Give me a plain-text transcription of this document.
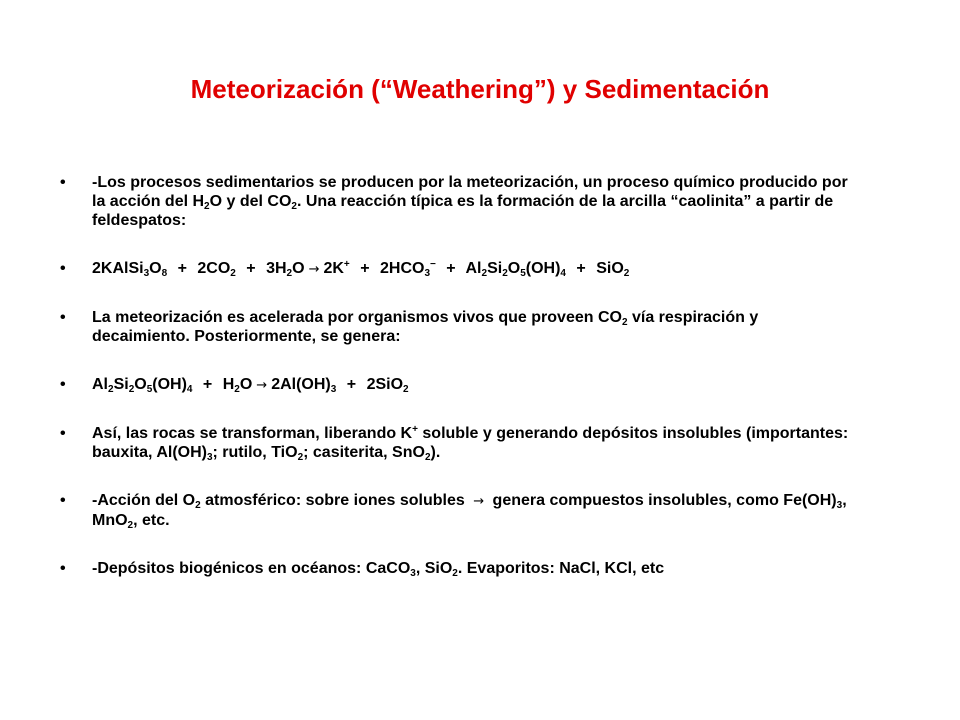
Meteorización (“Weathering”) y Sedimentación
• -Los procesos sedimentarios se producen por la meteorización, un proceso químico producido por la acción del $H_2O$ y del $CO_2$. Una reacción típica es la formación de la arcilla “caolinita” a partir de feldespatos:
• $2KAlSi_3O_8 + 2CO_2 + 3H_2O \to 2K^+ + 2HCO_3^- + Al_2Si_2O_5(OH)_4 + SiO_2$
• La meteorización es acelerada por organismos vivos que proveen $CO_2$ vía respiración y decaimiento. Posteriormente, se genera:
• $Al_2Si_2O_5(OH)_4 + H_2O \to 2Al(OH)_3 + 2SiO_2$
• Así, las rocas se transforman, liberando K+ soluble y generando depósitos insolubles (importantes: bauxita, $Al(OH)_3$; rutilo, TiO$_2$; casiterita, SnO$_2$).
• -Acción del $O_2$ atmosférico: sobre iones solubles → genera compuestos insolubles, como $Fe(OH)_3$, MnO$_2$, etc.
• -Depósitos biogénicos en océanos: CaCO$_3$, SiO$_2$. Evaporitos: NaCl, KCl, etc
